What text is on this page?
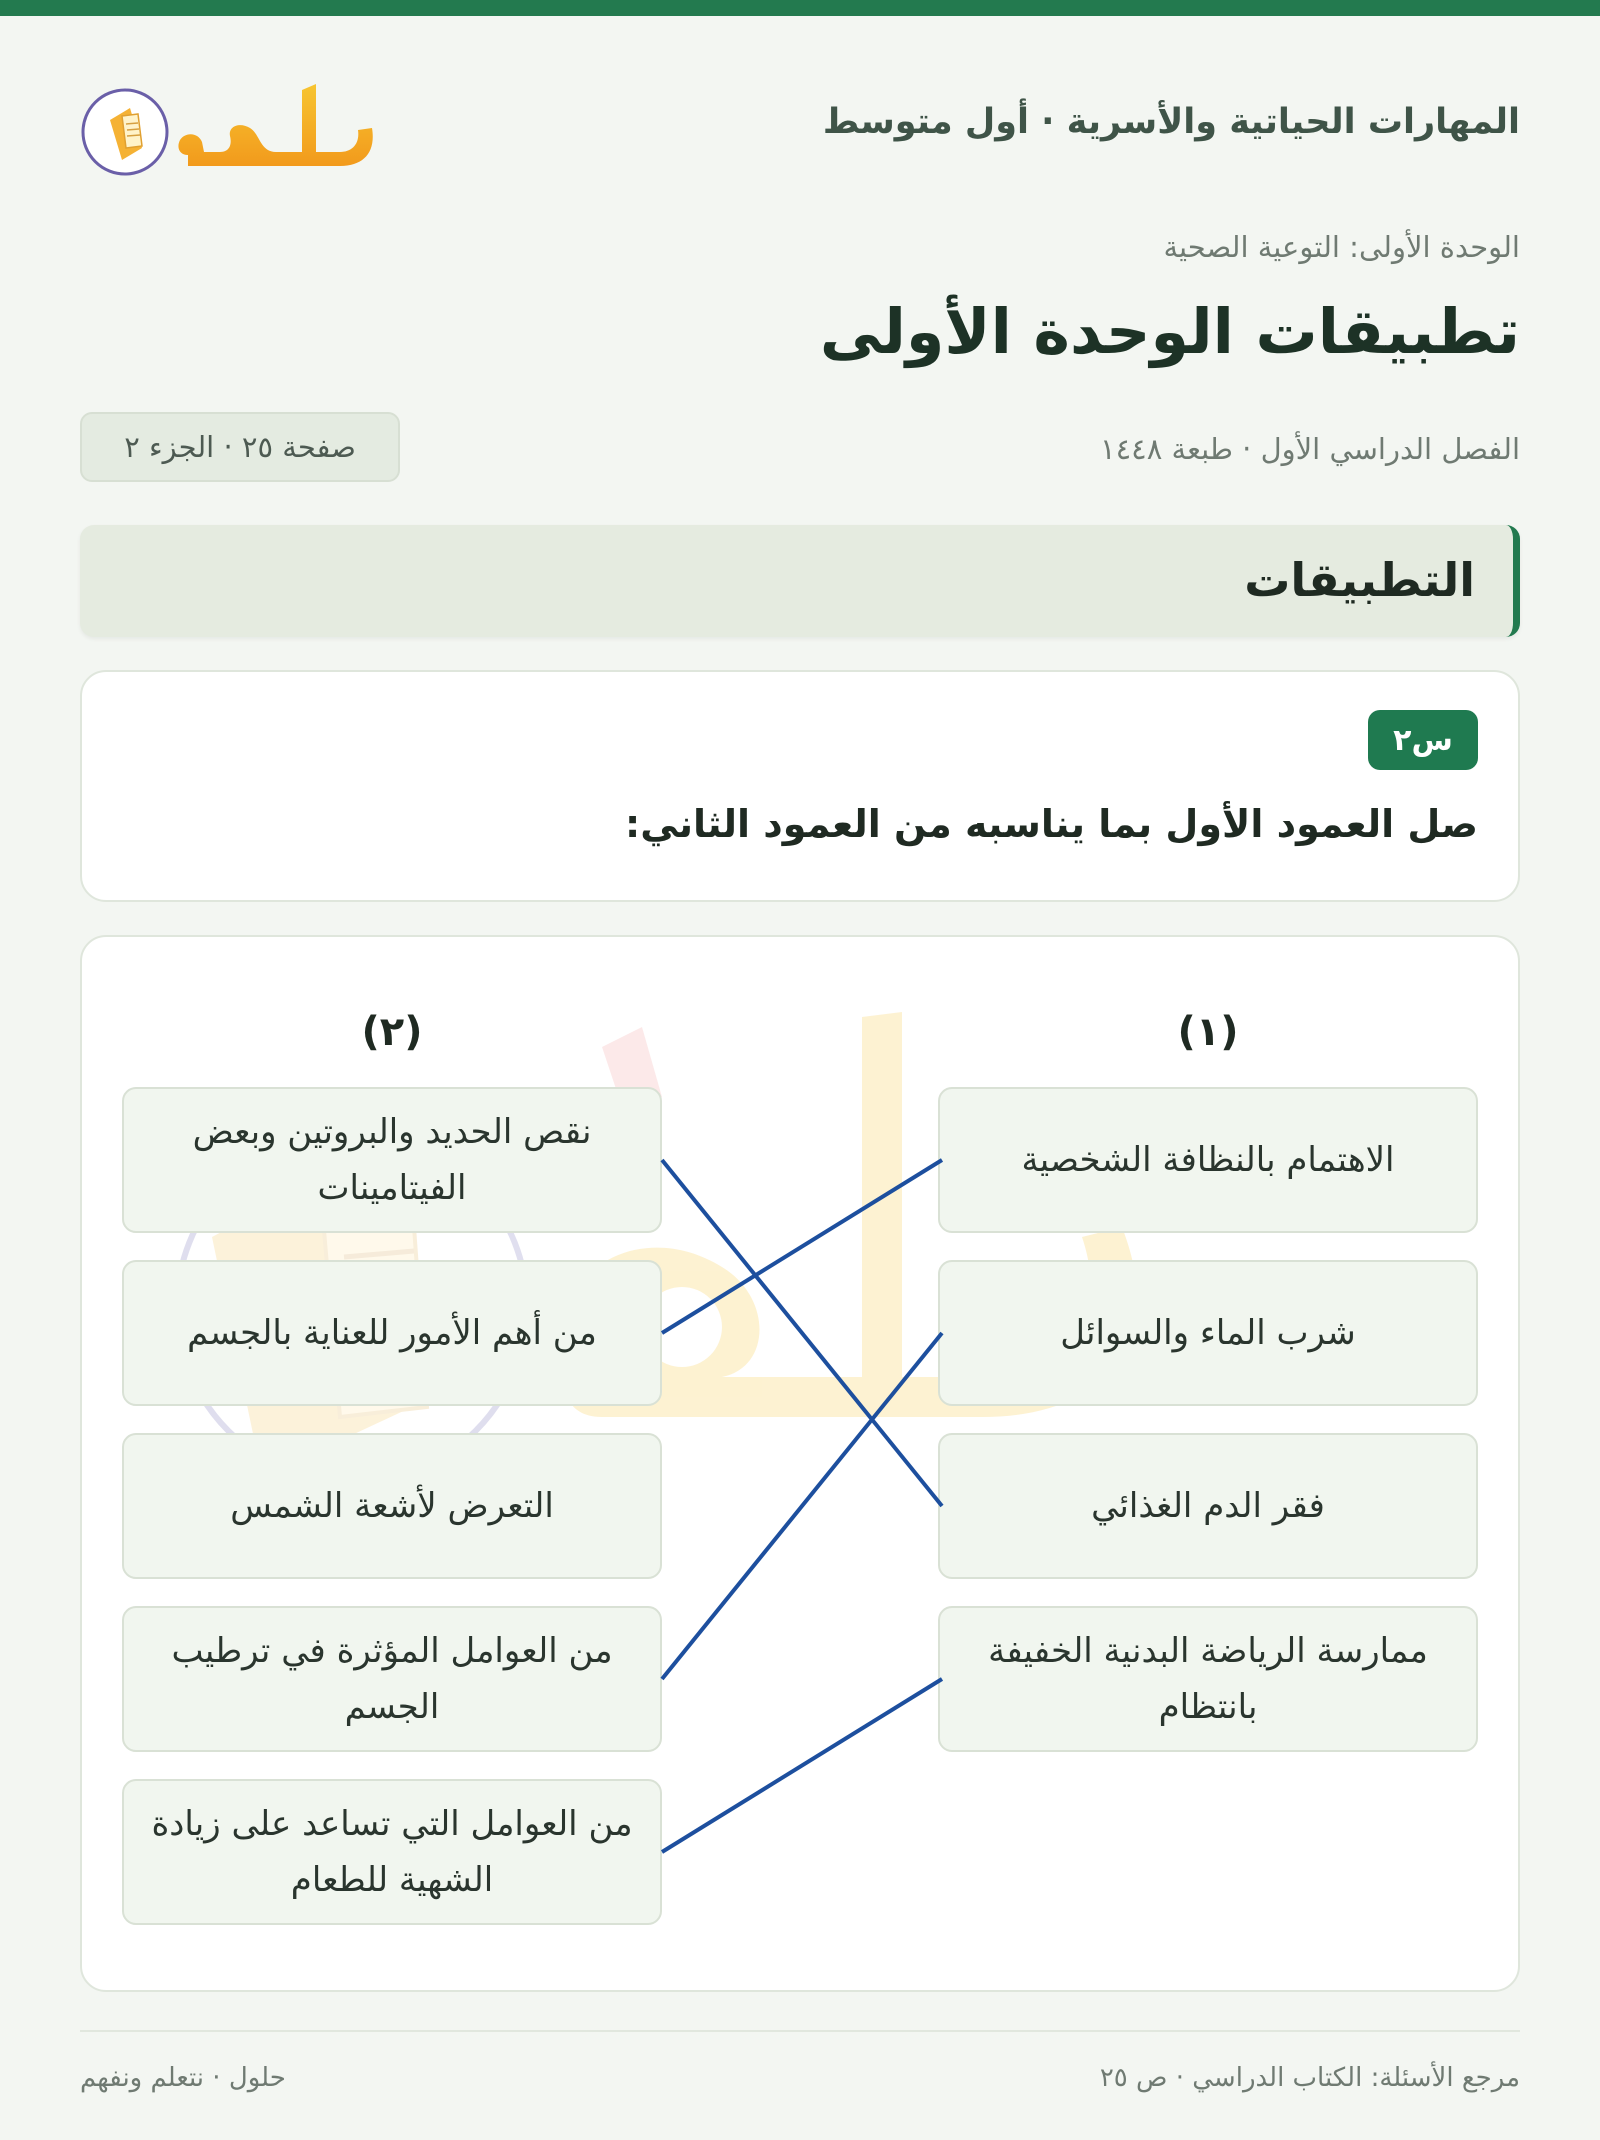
المهارات الحياتية والأسرية · أول متوسط
الوحدة الأولى: التوعية الصحية
تطبيقات الوحدة الأولى
الفصل الدراسي الأول · طبعة ١٤٤٨
صفحة ٢٥ · الجزء ٢
التطبيقات
س٢
صل العمود الأول بما يناسبه من العمود الثاني:
(١)
(٢)
الاهتمام بالنظافة الشخصية
شرب الماء والسوائل
فقر الدم الغذائي
ممارسة الرياضة البدنية الخفيفة بانتظام
نقص الحديد والبروتين وبعض الفيتامينات
من أهم الأمور للعناية بالجسم
التعرض لأشعة الشمس
من العوامل المؤثرة في ترطيب الجسم
من العوامل التي تساعد على زيادة الشهية للطعام
مرجع الأسئلة: الكتاب الدراسي · ص ٢٥
حلول · نتعلم ونفهم
